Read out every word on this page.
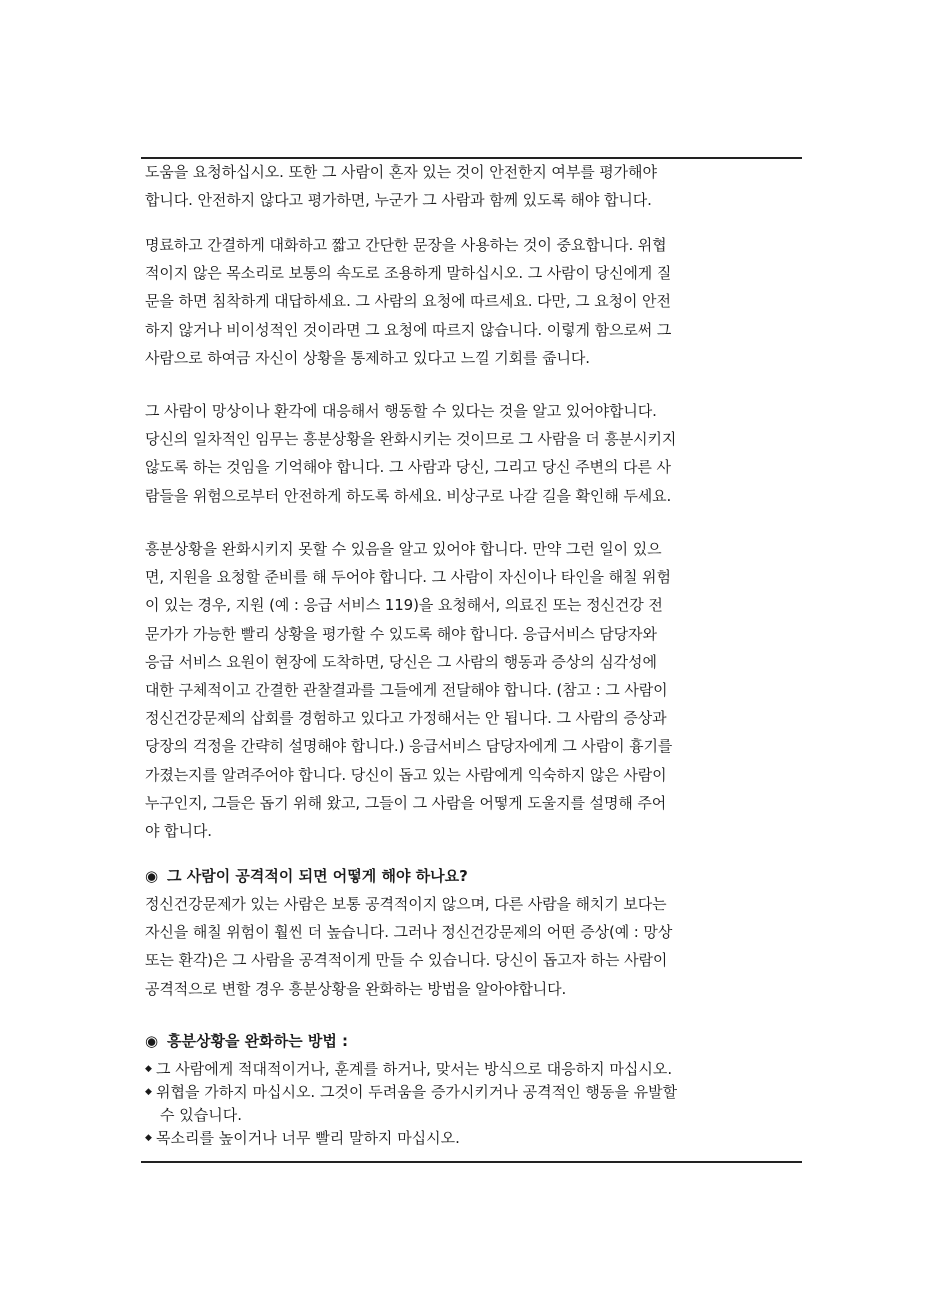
도움을 요청하십시오. 또한 그 사람이 혼자 있는 것이 안전한지 여부를 평가해야
합니다. 안전하지 않다고 평가하면, 누군가 그 사람과 함께 있도록 해야 합니다.
명료하고 간결하게 대화하고 짧고 간단한 문장을 사용하는 것이 중요합니다. 위협
적이지 않은 목소리로 보통의 속도로 조용하게 말하십시오. 그 사람이 당신에게 질
문을 하면 침착하게 대답하세요. 그 사람의 요청에 따르세요. 다만, 그 요청이 안전
하지 않거나 비이성적인 것이라면 그 요청에 따르지 않습니다. 이렇게 함으로써 그
사람으로 하여금 자신이 상황을 통제하고 있다고 느낄 기회를 줍니다.
그 사람이 망상이나 환각에 대응해서 행동할 수 있다는 것을 알고 있어야합니다.
당신의 일차적인 임무는 흥분상황을 완화시키는 것이므로 그 사람을 더 흥분시키지
않도록 하는 것임을 기억해야 합니다. 그 사람과 당신, 그리고 당신 주변의 다른 사
람들을 위험으로부터 안전하게 하도록 하세요. 비상구로 나갈 길을 확인해 두세요.
흥분상황을 완화시키지 못할 수 있음을 알고 있어야 합니다. 만약 그런 일이 있으
면, 지원을 요청할 준비를 해 두어야 합니다. 그 사람이 자신이나 타인을 해칠 위험
이 있는 경우, 지원 (예 : 응급 서비스 119)을 요청해서, 의료진 또는 정신건강 전
문가가 가능한 빨리 상황을 평가할 수 있도록 해야 합니다. 응급서비스 담당자와
응급 서비스 요원이 현장에 도착하면, 당신은 그 사람의 행동과 증상의 심각성에
대한 구체적이고 간결한 관찰결과를 그들에게 전달해야 합니다. (참고 : 그 사람이
정신건강문제의 삽회를 경험하고 있다고 가정해서는 안 됩니다. 그 사람의 증상과
당장의 걱정을 간략히 설명해야 합니다.) 응급서비스 담당자에게 그 사람이 흉기를
가졌는지를 알려주어야 합니다. 당신이 돕고 있는 사람에게 익숙하지 않은 사람이
누구인지, 그들은 돕기 위해 왔고, 그들이 그 사람을 어떻게 도울지를 설명해 주어
야 합니다.
◉ 그 사람이 공격적이 되면 어떻게 해야 하나요?
정신건강문제가 있는 사람은 보통 공격적이지 않으며, 다른 사람을 해치기 보다는
자신을 해칠 위험이 훨씬 더 높습니다. 그러나 정신건강문제의 어떤 증상(예 : 망상
또는 환각)은 그 사람을 공격적이게 만들 수 있습니다. 당신이 돕고자 하는 사람이
공격적으로 변할 경우 흥분상황을 완화하는 방법을 알아야합니다.
◉ 흥분상황을 완화하는 방법 :
◆ 그 사람에게 적대적이거나, 훈계를 하거나, 맞서는 방식으로 대응하지 마십시오.
◆ 위협을 가하지 마십시오. 그것이 두려움을 증가시키거나 공격적인 행동을 유발할
수 있습니다.
◆ 목소리를 높이거나 너무 빨리 말하지 마십시오.
